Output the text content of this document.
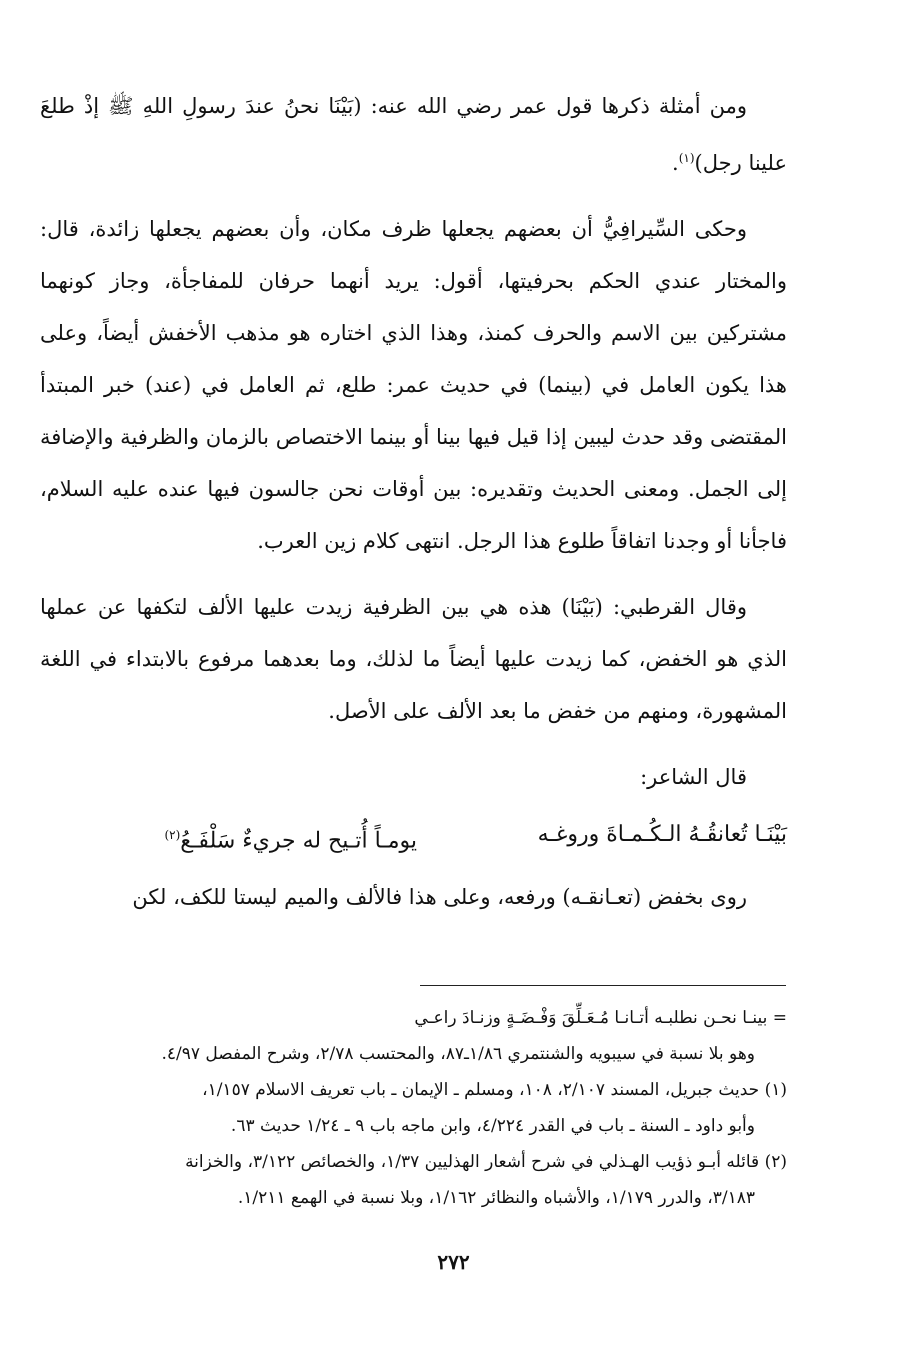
ومن أمثلة ذكرها قول عمر رضي الله عنه: (بَيْنَا نحنُ عندَ رسولِ اللهِ ﷺ إذْ طلعَ علينا رجل)$^{(١)}$.

وحكى السِّيرافِيُّ أن بعضهم يجعلها ظرف مكان، وأن بعضهم يجعلها زائدة، قال: والمختار عندي الحكم بحرفيتها، أقول: يريد أنهما حرفان للمفاجأة، وجاز كونهما مشتركين بين الاسم والحرف كمنذ، وهذا الذي اختاره هو مذهب الأخفش أيضاً، وعلى هذا يكون العامل في (بينما) في حديث عمر: طلع، ثم العامل في (عند) خبر المبتدأ المقتضى وقد حدث ليبين إذا قيل فيها بينا أو بينما الاختصاص بالزمان والظرفية والإضافة إلى الجمل. ومعنى الحديث وتقديره: بين أوقات نحن جالسون فيها عنده عليه السلام، فاجأنا أو وجدنا اتفاقاً طلوع هذا الرجل. انتهى كلام زين العرب.

وقال القرطبي: (بَيْنَا) هذه هي بين الظرفية زيدت عليها الألف لتكفها عن عملها الذي هو الخفض، كما زيدت عليها أيضاً ما لذلك، وما بعدهما مرفوع بالابتداء في اللغة المشهورة، ومنهم من خفض ما بعد الألف على الأصل.

قال الشاعر:

بَيْنَـا تُعانقُـهُ الـكُـمـاةَ وروغـه
يومـاً أُتـيح له جريءٌ سَلْفَـعُ$^{(٢)}$

روى بخفض (تعـانقـه) ورفعه، وعلى هذا فالألف والميم ليستا للكف، لكن

= بينـا نحـن نطلبـه أتـانـا مُـعَـلِّقَ وَفْـضَـةٍ وزنـادَ راعـي

وهو بلا نسبة في سيبويه والشنتمري ١/٨٦ـ٨٧، والمحتسب ٢/٧٨، وشرح المفصل ٤/٩٧.

(١) حديث جبريل، المسند ٢/١٠٧، ١٠٨، ومسلم ـ الإيمان ـ باب تعريف الاسلام ١/١٥٧،

وأبو داود ـ السنة ـ باب في القدر ٤/٢٢٤، وابن ماجه باب ٩ ـ ١/٢٤ حديث ٦٣.

(٢) قائله أبـو ذؤيب الهـذلي في شرح أشعار الهذليين ١/٣٧، والخصائص ٣/١٢٢، والخزانة

٣/١٨٣، والدرر ١/١٧٩، والأشباه والنظائر ١/١٦٢، وبلا نسبة في الهمع ١/٢١١.

٢٧٢
